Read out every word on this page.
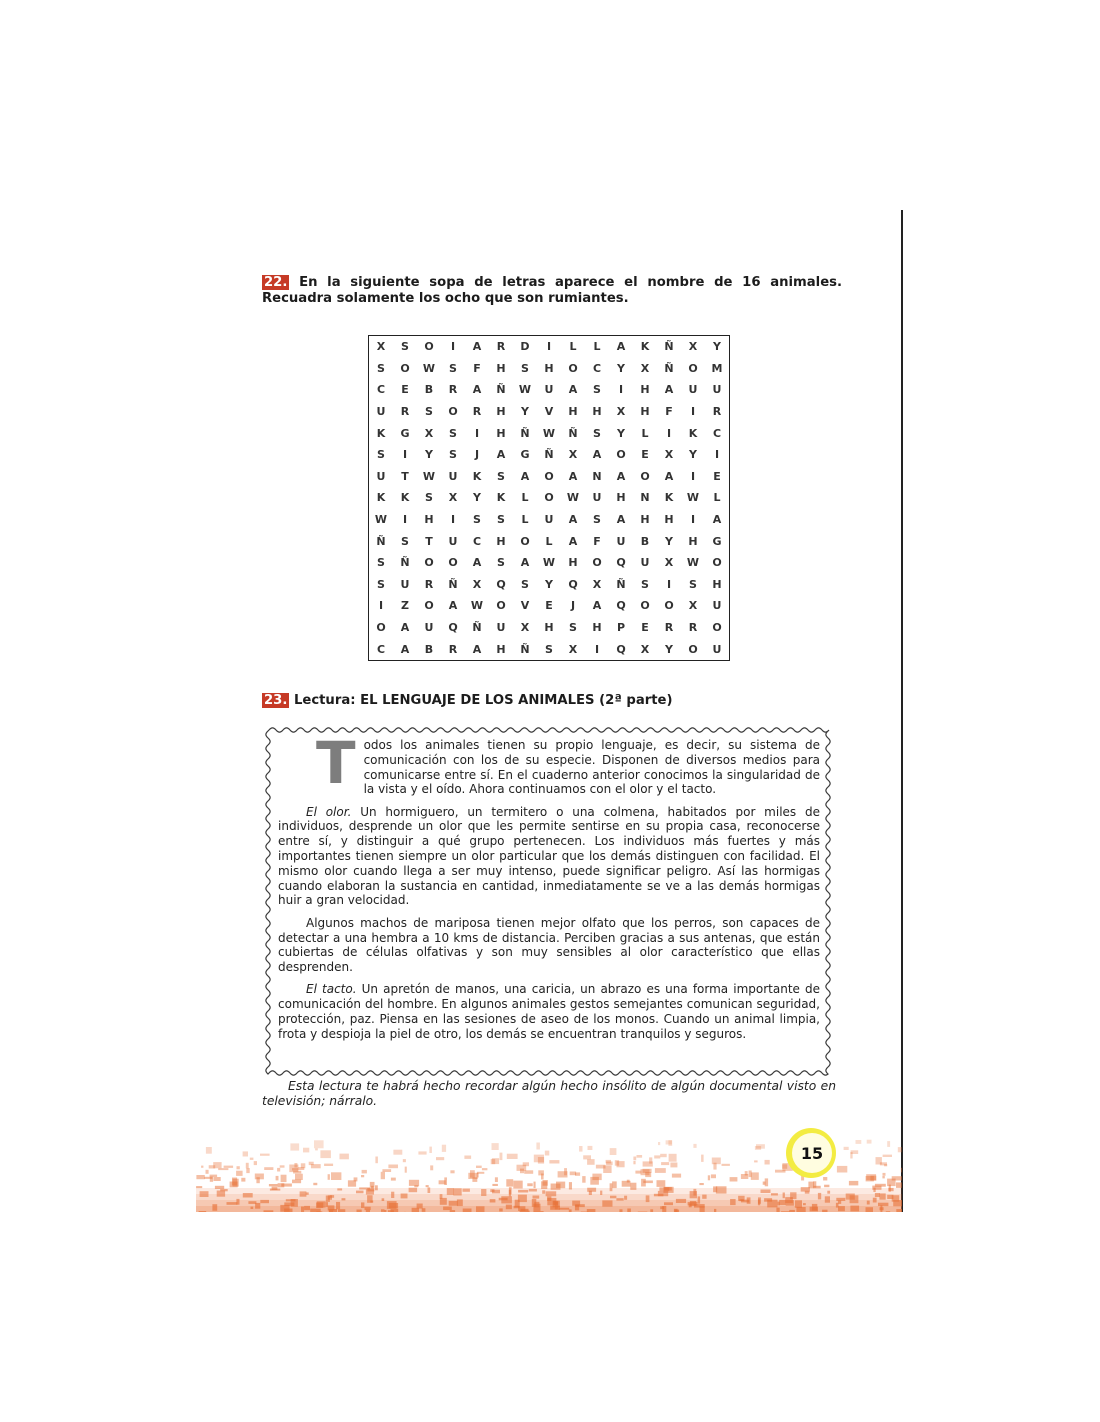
22. En la siguiente sopa de letras aparece el nombre de 16 animales. Recuadra solamente los ocho que son rumiantes.
X	S	O	I	A	R	D	I	L	L	A	K	Ñ	X	Y
S	O	W	S	F	H	S	H	O	C	Y	X	Ñ	O	M
C	E	B	R	A	Ñ	W	U	A	S	I	H	A	U	U
U	R	S	O	R	H	Y	V	H	H	X	H	F	I	R
K	G	X	S	I	H	Ñ	W	Ñ	S	Y	L	I	K	C
S	I	Y	S	J	A	G	Ñ	X	A	O	E	X	Y	I
U	T	W	U	K	S	A	O	A	N	A	O	A	I	E
K	K	S	X	Y	K	L	O	W	U	H	N	K	W	L
W	I	H	I	S	S	L	U	A	S	A	H	H	I	A
Ñ	S	T	U	C	H	O	L	A	F	U	B	Y	H	G
S	Ñ	O	O	A	S	A	W	H	O	Q	U	X	W	O
S	U	R	Ñ	X	Q	S	Y	Q	X	Ñ	S	I	S	H
I	Z	O	A	W	O	V	E	J	A	Q	O	O	X	U
O	A	U	Q	Ñ	U	X	H	S	H	P	E	R	R	O
C	A	B	R	A	H	Ñ	S	X	I	Q	X	Y	O	U
23. Lectura: EL LENGUAJE DE LOS ANIMALES (2ª parte)

Todos los animales tienen su propio lenguaje, es decir, su sistema de comunicación con los de su especie. Disponen de diversos medios para comunicarse entre sí. En el cuaderno anterior conocimos la singularidad de la vista y el oído. Ahora continuamos con el olor y el tacto.

El olor. Un hormiguero, un termitero o una colmena, habitados por miles de individuos, desprende un olor que les permite sentirse en su propia casa, reconocerse entre sí, y distinguir a qué grupo pertenecen. Los individuos más fuertes y más importantes tienen siempre un olor particular que los demás distinguen con facilidad. El mismo olor cuando llega a ser muy intenso, puede significar peligro. Así las hormigas cuando elaboran la sustancia en cantidad, inmediatamente se ve a las demás hormigas huir a gran velocidad.

Algunos machos de mariposa tienen mejor olfato que los perros, son capaces de detectar a una hembra a 10 kms de distancia. Perciben gracias a sus antenas, que están cubiertas de células olfativas y son muy sensibles al olor característico que ellas desprenden.

El tacto. Un apretón de manos, una caricia, un abrazo es una forma importante de comunicación del hombre. En algunos animales gestos semejantes comunican seguridad, protección, paz. Piensa en las sesiones de aseo de los monos. Cuando un animal limpia, frota y despioja la piel de otro, los demás se encuentran tranquilos y seguros.

Esta lectura te habrá hecho recordar algún hecho insólito de algún documental visto en televisión; nárralo.
15
